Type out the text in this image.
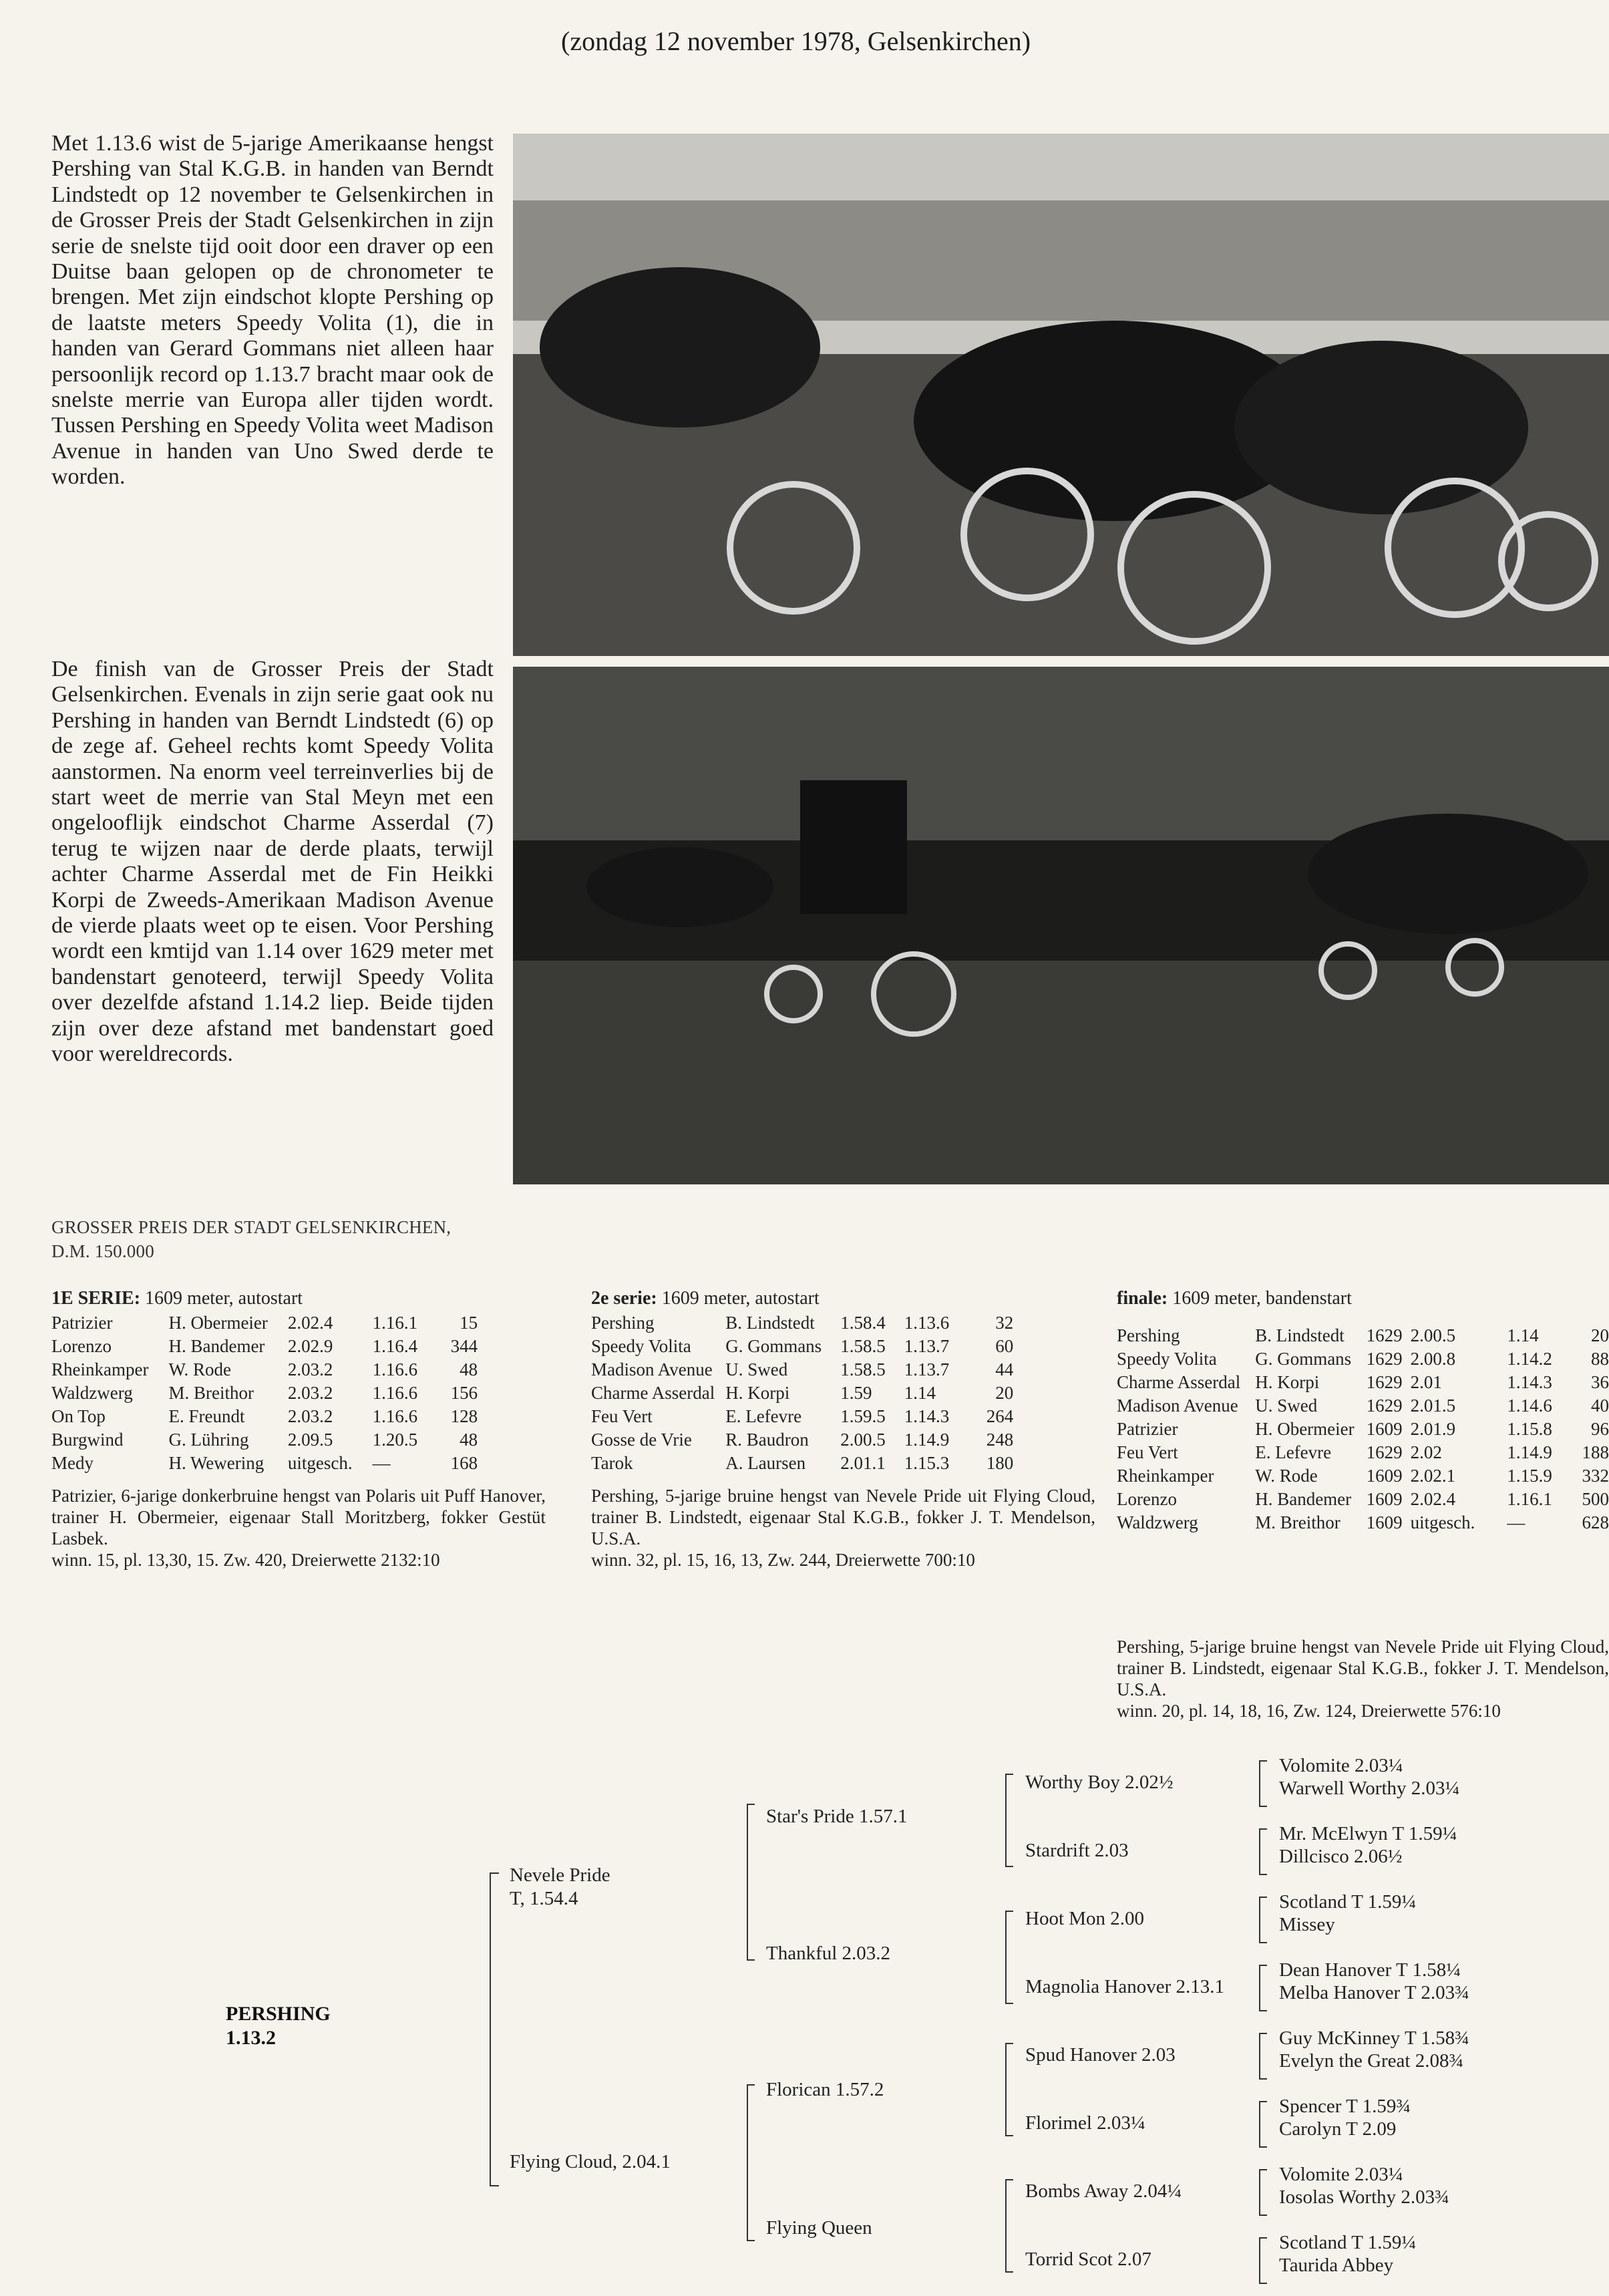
(zondag 12 november 1978, Gelsenkirchen)
Met 1.13.6 wist de 5-jarige Amerikaanse hengst Pershing van Stal K.G.B. in handen van Berndt Lindstedt op 12 november te Gelsenkirchen in de Grosser Preis der Stadt Gelsenkirchen in zijn serie de snelste tijd ooit door een draver op een Duitse baan gelopen op de chronometer te brengen. Met zijn eindschot klopte Pershing op de laatste meters Speedy Volita (1), die in handen van Gerard Gommans niet alleen haar persoonlijk record op 1.13.7 bracht maar ook de snelste merrie van Europa aller tijden wordt. Tussen Pershing en Speedy Volita weet Madison Avenue in handen van Uno Swed derde te worden.
De finish van de Grosser Preis der Stadt Gelsenkirchen. Evenals in zijn serie gaat ook nu Pershing in handen van Berndt Lindstedt (6) op de zege af. Geheel rechts komt Speedy Volita aanstormen. Na enorm veel terreinverlies bij de start weet de merrie van Stal Meyn met een ongelooflijk eindschot Charme Asserdal (7) terug te wijzen naar de derde plaats, terwijl achter Charme Asserdal met de Fin Heikki Korpi de Zweeds-Amerikaan Madison Avenue de vierde plaats weet op te eisen. Voor Pershing wordt een kmtijd van 1.14 over 1629 meter met bandenstart genoteerd, terwijl Speedy Volita over dezelfde afstand 1.14.2 liep. Beide tijden zijn over deze afstand met bandenstart goed voor wereldrecords.
GROSSER PREIS DER STADT GELSENKIRCHEN,
D.M. 150.000
1E SERIE: 1609 meter, autostart
Patrizier	H. Obermeier	2.02.4	1.16.1	15
Lorenzo	H. Bandemer	2.02.9	1.16.4	344
Rheinkamper	W. Rode	2.03.2	1.16.6	48
Waldzwerg	M. Breithor	2.03.2	1.16.6	156
On Top	E. Freundt	2.03.2	1.16.6	128
Burgwind	G. Lühring	2.09.5	1.20.5	48
Medy	H. Wewering	uitgesch.	—	168
Patrizier, 6-jarige donkerbruine hengst van Polaris uit Puff Hanover, trainer H. Obermeier, eigenaar Stall Moritzberg, fokker Gestüt Lasbek.
winn. 15, pl. 13,30, 15. Zw. 420, Dreierwette 2132:10
2e serie: 1609 meter, autostart
Pershing	B. Lindstedt	1.58.4	1.13.6	32
Speedy Volita	G. Gommans	1.58.5	1.13.7	60
Madison Avenue	U. Swed	1.58.5	1.13.7	44
Charme Asserdal	H. Korpi	1.59	1.14	20
Feu Vert	E. Lefevre	1.59.5	1.14.3	264
Gosse de Vrie	R. Baudron	2.00.5	1.14.9	248
Tarok	A. Laursen	2.01.1	1.15.3	180
Pershing, 5-jarige bruine hengst van Nevele Pride uit Flying Cloud, trainer B. Lindstedt, eigenaar Stal K.G.B., fokker J. T. Mendelson, U.S.A.
winn. 32, pl. 15, 16, 13, Zw. 244, Dreierwette 700:10
finale: 1609 meter, bandenstart
Pershing	B. Lindstedt	1629	2.00.5	1.14	20
Speedy Volita	G. Gommans	1629	2.00.8	1.14.2	88
Charme Asserdal	H. Korpi	1629	2.01	1.14.3	36
Madison Avenue	U. Swed	1629	2.01.5	1.14.6	40
Patrizier	H. Obermeier	1609	2.01.9	1.15.8	96
Feu Vert	E. Lefevre	1629	2.02	1.14.9	188
Rheinkamper	W. Rode	1609	2.02.1	1.15.9	332
Lorenzo	H. Bandemer	1609	2.02.4	1.16.1	500
Waldzwerg	M. Breithor	1609	uitgesch.	—	628
Pershing, 5-jarige bruine hengst van Nevele Pride uit Flying Cloud, trainer B. Lindstedt, eigenaar Stal K.G.B., fokker J. T. Mendelson, U.S.A.
winn. 20, pl. 14, 18, 16, Zw. 124, Dreierwette 576:10
PERSHING
1.13.2
Nevele Pride
T, 1.54.4
Flying Cloud, 2.04.1
Star's Pride 1.57.1
Thankful 2.03.2
Florican 1.57.2
Flying Queen
Worthy Boy 2.02½
Stardrift 2.03
Hoot Mon 2.00
Magnolia Hanover 2.13.1
Spud Hanover 2.03
Florimel 2.03¼
Bombs Away 2.04¼
Torrid Scot 2.07
Volomite 2.03¼
Warwell Worthy 2.03¼
Mr. McElwyn T 1.59¼
Dillcisco 2.06½
Scotland T 1.59¼
Missey
Dean Hanover T 1.58¼
Melba Hanover T 2.03¾
Guy McKinney T 1.58¾
Evelyn the Great 2.08¾
Spencer T 1.59¾
Carolyn T 2.09
Volomite 2.03¼
Iosolas Worthy 2.03¾
Scotland T 1.59¼
Taurida Abbey
